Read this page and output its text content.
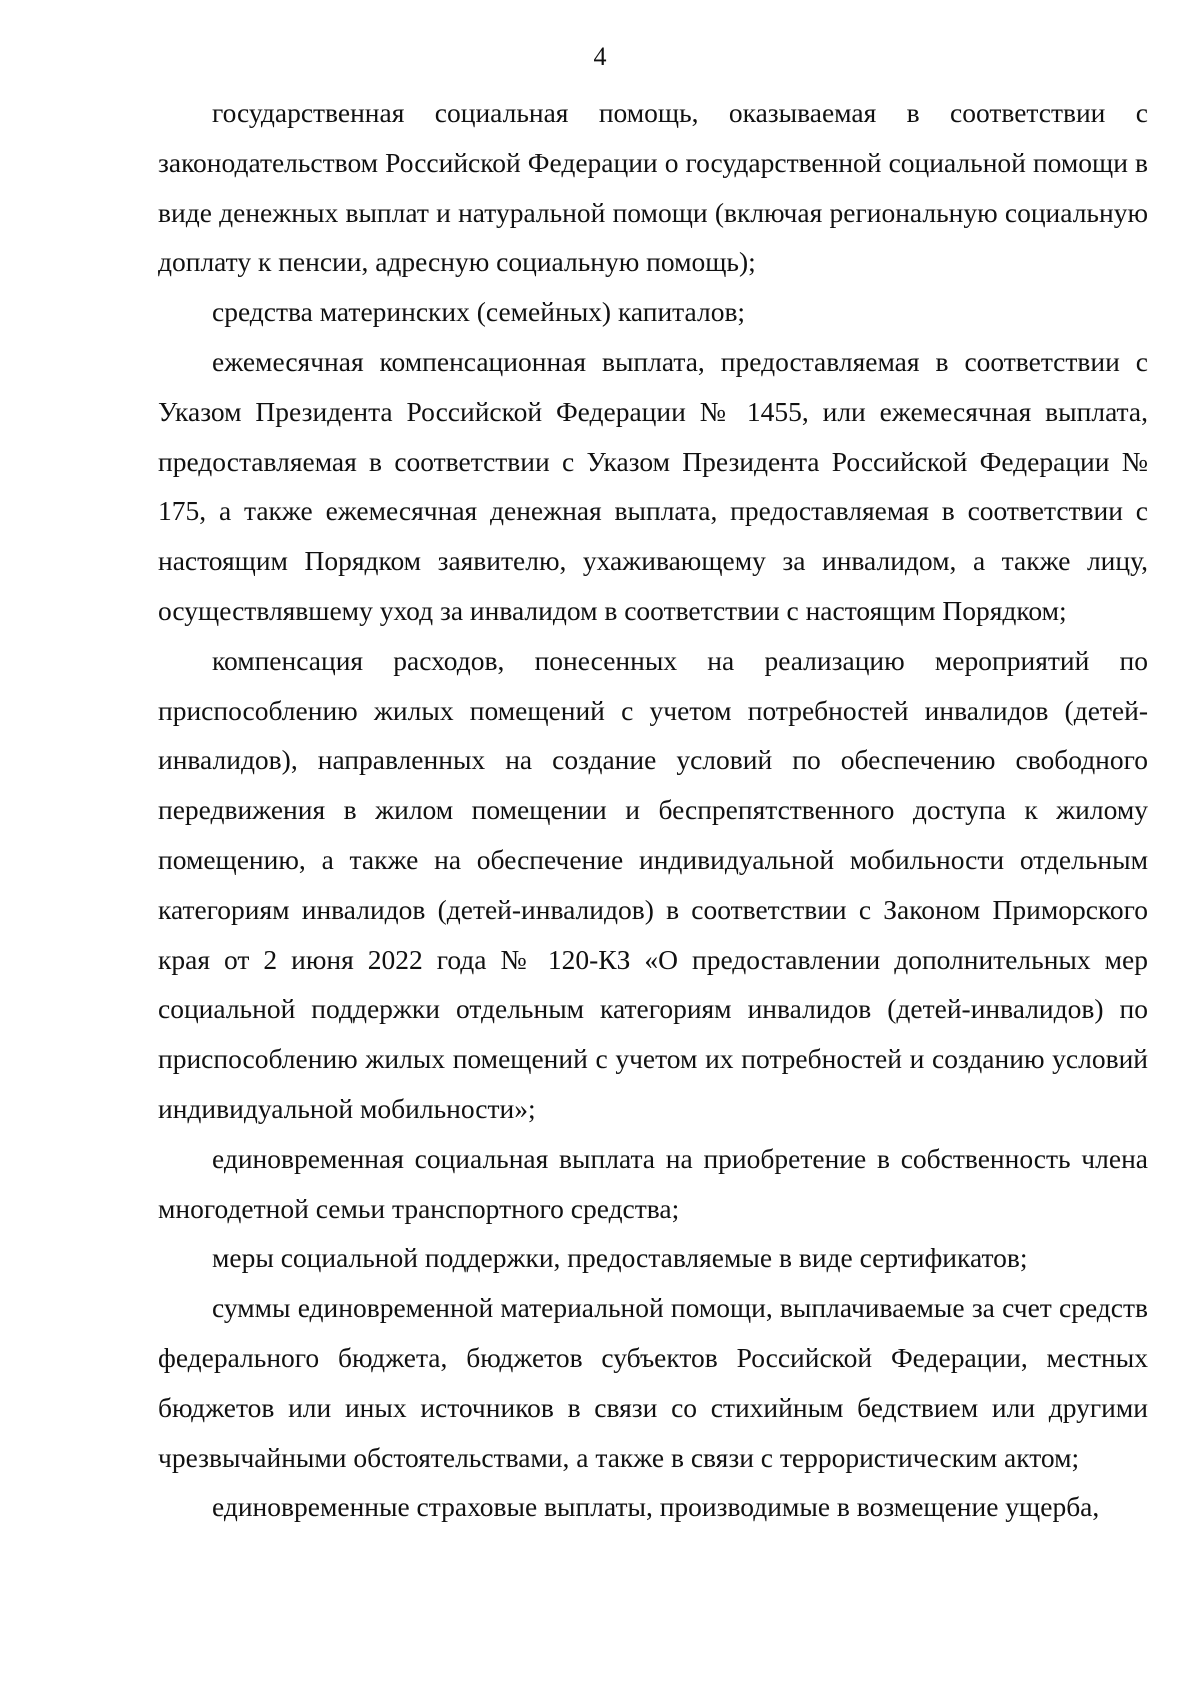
4

государственная социальная помощь, оказываемая в соответствии с законодательством Российской Федерации о государственной социальной помощи в виде денежных выплат и натуральной помощи (включая региональную социальную доплату к пенсии, адресную социальную помощь);

средства материнских (семейных) капиталов;

ежемесячная компенсационная выплата, предоставляемая в соответствии с Указом Президента Российской Федерации № 1455, или ежемесячная выплата, предоставляемая в соответствии с Указом Президента Российской Федерации № 175, а также ежемесячная денежная выплата, предоставляемая в соответствии с настоящим Порядком заявителю, ухаживающему за инвалидом, а также лицу, осуществлявшему уход за инвалидом в соответствии с настоящим Порядком;

компенсация расходов, понесенных на реализацию мероприятий по приспособлению жилых помещений с учетом потребностей инвалидов (детей-инвалидов), направленных на создание условий по обеспечению свободного передвижения в жилом помещении и беспрепятственного доступа к жилому помещению, а также на обеспечение индивидуальной мобильности отдельным категориям инвалидов (детей-инвалидов) в соответствии с Законом Приморского края от 2 июня 2022 года № 120-КЗ «О предоставлении дополнительных мер социальной поддержки отдельным категориям инвалидов (детей-инвалидов) по приспособлению жилых помещений с учетом их потребностей и созданию условий индивидуальной мобильности»;

единовременная социальная выплата на приобретение в собственность члена многодетной семьи транспортного средства;

меры социальной поддержки, предоставляемые в виде сертификатов;

суммы единовременной материальной помощи, выплачиваемые за счет средств федерального бюджета, бюджетов субъектов Российской Федерации, местных бюджетов или иных источников в связи со стихийным бедствием или другими чрезвычайными обстоятельствами, а также в связи с террористическим актом;

единовременные страховые выплаты, производимые в возмещение ущерба,
